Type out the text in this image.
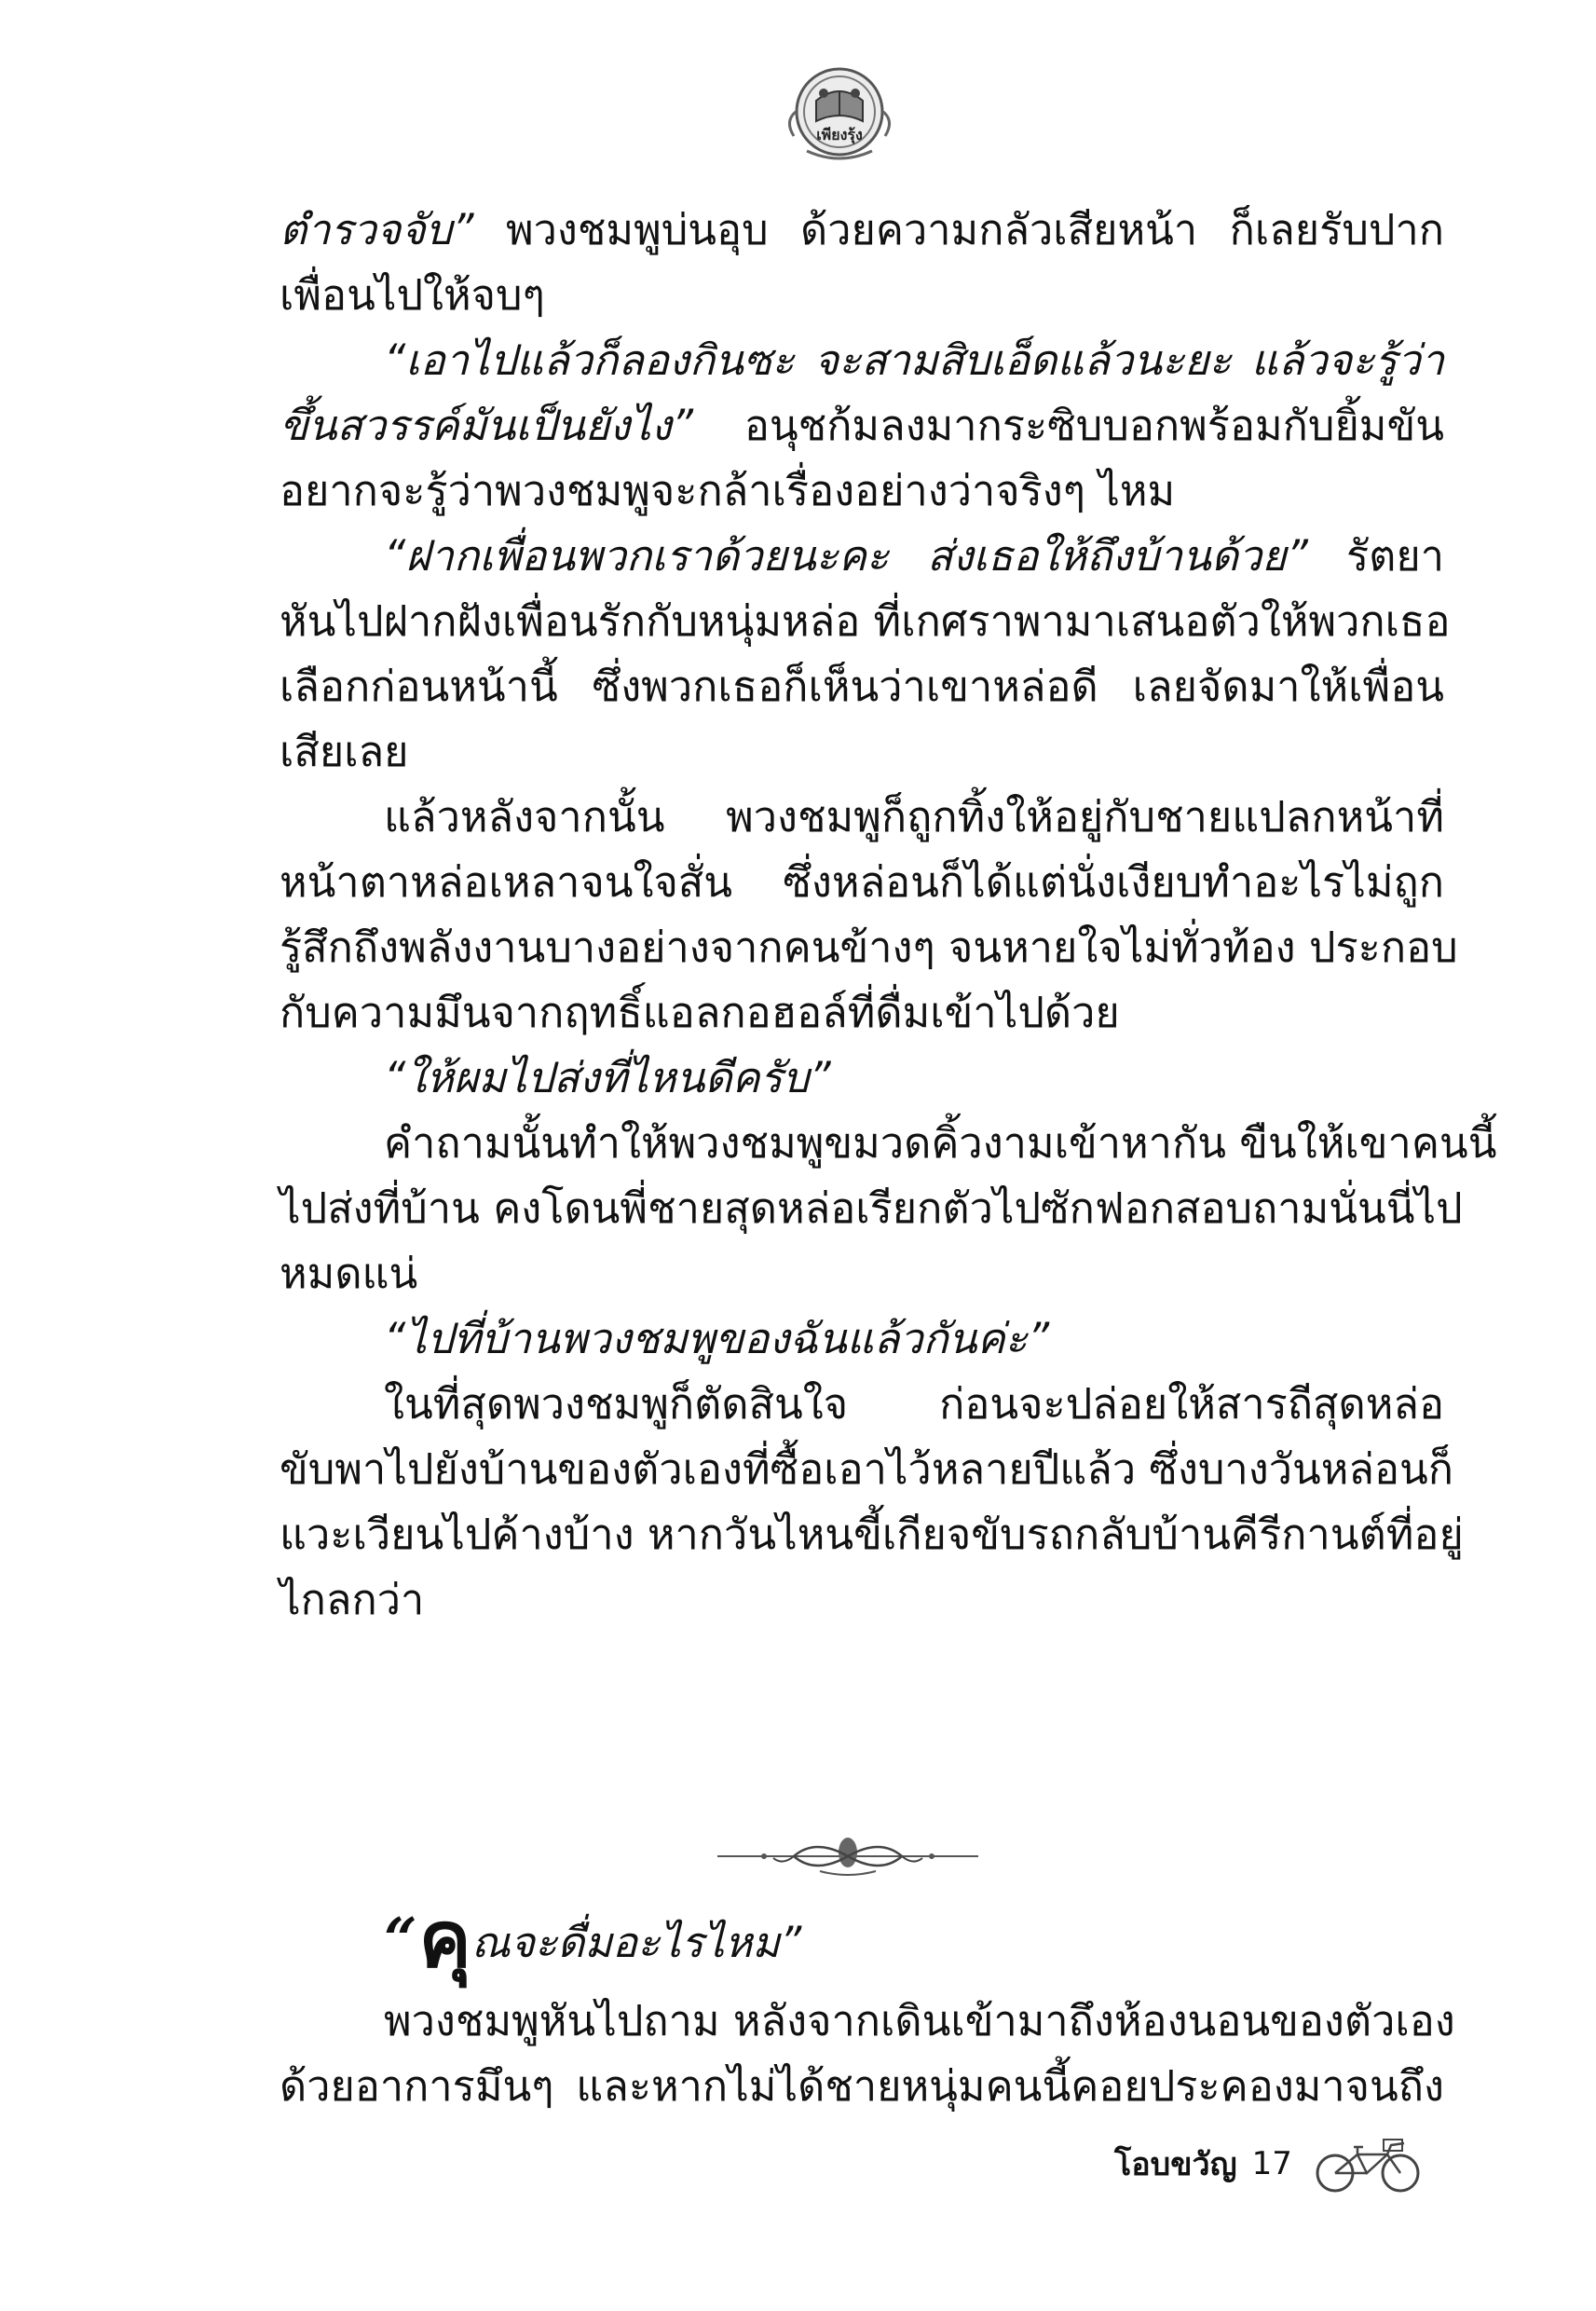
เพียงรุ้ง
ตำรวจจับ” พวงชมพูบ่นอุบ ด้วยความกลัวเสียหน้า ก็เลยรับปาก
เพื่อนไปให้จบๆ
“เอาไปแล้วก็ลองกินซะ จะสามสิบเอ็ดแล้วนะยะ แล้วจะรู้ว่า
ขึ้นสวรรค์มันเป็นยังไง” อนุชก้มลงมากระซิบบอกพร้อมกับยิ้มขัน
อยากจะรู้ว่าพวงชมพูจะกล้าเรื่องอย่างว่าจริงๆ ไหม
“ฝากเพื่อนพวกเราด้วยนะคะ ส่งเธอให้ถึงบ้านด้วย” รัตยา
หันไปฝากฝังเพื่อนรักกับหนุ่มหล่อ ที่เกศราพามาเสนอตัวให้พวกเธอ
เลือกก่อนหน้านี้ ซึ่งพวกเธอก็เห็นว่าเขาหล่อดี เลยจัดมาให้เพื่อน
เสียเลย
แล้วหลังจากนั้น พวงชมพูก็ถูกทิ้งให้อยู่กับชายแปลกหน้าที่
หน้าตาหล่อเหลาจนใจสั่น ซึ่งหล่อนก็ได้แต่นั่งเงียบทำอะไรไม่ถูก
รู้สึกถึงพลังงานบางอย่างจากคนข้างๆ จนหายใจไม่ทั่วท้อง ประกอบ
กับความมึนจากฤทธิ์แอลกอฮอล์ที่ดื่มเข้าไปด้วย
“ให้ผมไปส่งที่ไหนดีครับ”
คำถามนั้นทำให้พวงชมพูขมวดคิ้วงามเข้าหากัน ขืนให้เขาคนนี้
ไปส่งที่บ้าน คงโดนพี่ชายสุดหล่อเรียกตัวไปซักฟอกสอบถามนั่นนี่ไป
หมดแน่
“ไปที่บ้านพวงชมพูของฉันแล้วกันค่ะ”
ในที่สุดพวงชมพูก็ตัดสินใจ ก่อนจะปล่อยให้สารถีสุดหล่อ
ขับพาไปยังบ้านของตัวเองที่ซื้อเอาไว้หลายปีแล้ว ซึ่งบางวันหล่อนก็
แวะเวียนไปค้างบ้าง หากวันไหนขี้เกียจขับรถกลับบ้านคีรีกานต์ที่อยู่
ไกลกว่า
“ คุ ณจะดื่มอะไรไหม”
พวงชมพูหันไปถาม หลังจากเดินเข้ามาถึงห้องนอนของตัวเอง
ด้วยอาการมึนๆ และหากไม่ได้ชายหนุ่มคนนี้คอยประคองมาจนถึง
โอบขวัญ 17
